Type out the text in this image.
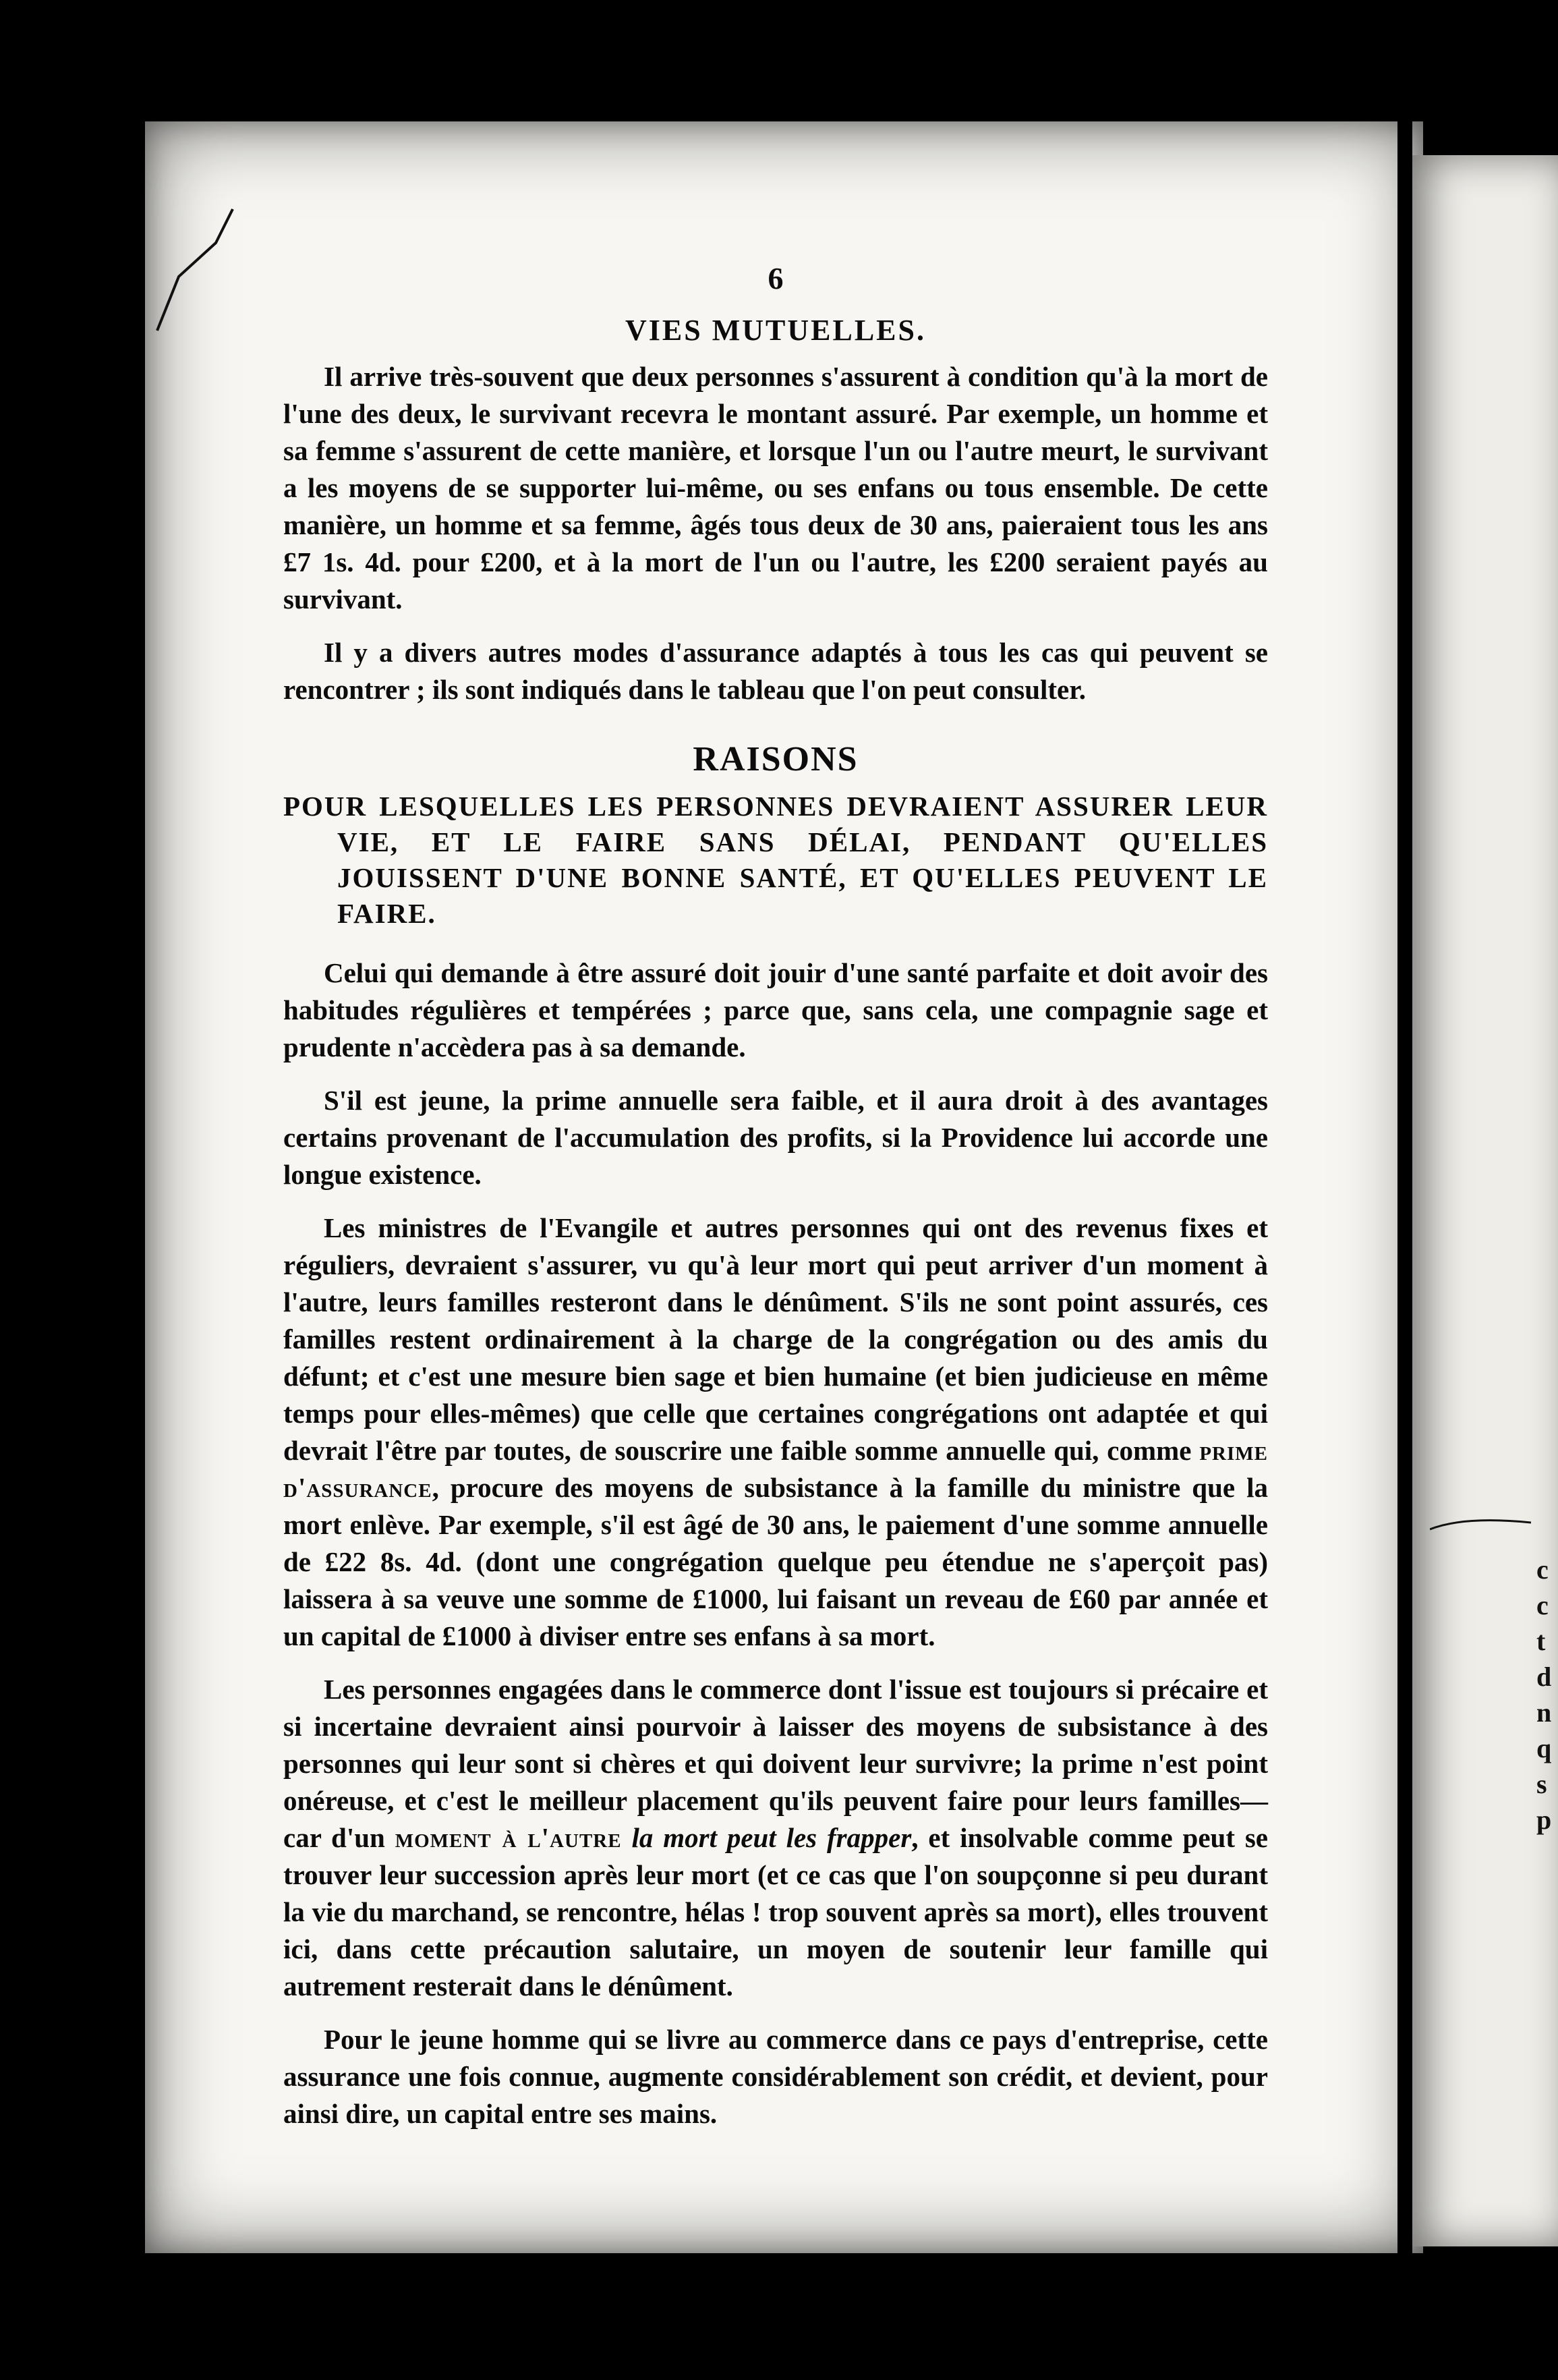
c
c
t
d
n
q
s
p
6
VIES MUTUELLES.

Il arrive très-souvent que deux personnes s'assurent à condition qu'à la mort de l'une des deux, le survivant recevra le montant assuré. Par exemple, un homme et sa femme s'assurent de cette manière, et lorsque l'un ou l'autre meurt, le survivant a les moyens de se supporter lui-même, ou ses enfans ou tous ensemble. De cette manière, un homme et sa femme, âgés tous deux de 30 ans, paieraient tous les ans £7 1s. 4d. pour £200, et à la mort de l'un ou l'autre, les £200 seraient payés au survivant.

Il y a divers autres modes d'assurance adaptés à tous les cas qui peuvent se rencontrer ; ils sont indiqués dans le tableau que l'on peut consulter.

RAISONS
POUR LESQUELLES LES PERSONNES DEVRAIENT ASSURER LEUR VIE, ET LE FAIRE SANS DÉLAI, PENDANT QU'ELLES JOUISSENT D'UNE BONNE SANTÉ, ET QU'ELLES PEUVENT LE FAIRE.

Celui qui demande à être assuré doit jouir d'une santé parfaite et doit avoir des habitudes régulières et tempérées ; parce que, sans cela, une compagnie sage et prudente n'accèdera pas à sa demande.

S'il est jeune, la prime annuelle sera faible, et il aura droit à des avantages certains provenant de l'accumulation des profits, si la Providence lui accorde une longue existence.

Les ministres de l'Evangile et autres personnes qui ont des revenus fixes et réguliers, devraient s'assurer, vu qu'à leur mort qui peut arriver d'un moment à l'autre, leurs familles resteront dans le dénûment. S'ils ne sont point assurés, ces familles restent ordinairement à la charge de la congrégation ou des amis du défunt; et c'est une mesure bien sage et bien humaine (et bien judicieuse en même temps pour elles-mêmes) que celle que certaines congrégations ont adaptée et qui devrait l'être par toutes, de souscrire une faible somme annuelle qui, comme prime d'assurance, procure des moyens de subsistance à la famille du ministre que la mort enlève. Par exemple, s'il est âgé de 30 ans, le paiement d'une somme annuelle de £22 8s. 4d. (dont une congrégation quelque peu étendue ne s'aperçoit pas) laissera à sa veuve une somme de £1000, lui faisant un reveau de £60 par année et un capital de £1000 à diviser entre ses enfans à sa mort.

Les personnes engagées dans le commerce dont l'issue est toujours si précaire et si incertaine devraient ainsi pourvoir à laisser des moyens de subsistance à des personnes qui leur sont si chères et qui doivent leur survivre; la prime n'est point onéreuse, et c'est le meilleur placement qu'ils peuvent faire pour leurs familles—car d'un moment à l'autre la mort peut les frapper, et insolvable comme peut se trouver leur succession après leur mort (et ce cas que l'on soupçonne si peu durant la vie du marchand, se rencontre, hélas ! trop souvent après sa mort), elles trouvent ici, dans cette précaution salutaire, un moyen de soutenir leur famille qui autrement resterait dans le dénûment.

Pour le jeune homme qui se livre au commerce dans ce pays d'entreprise, cette assurance une fois connue, augmente considérablement son crédit, et devient, pour ainsi dire, un capital entre ses mains.
